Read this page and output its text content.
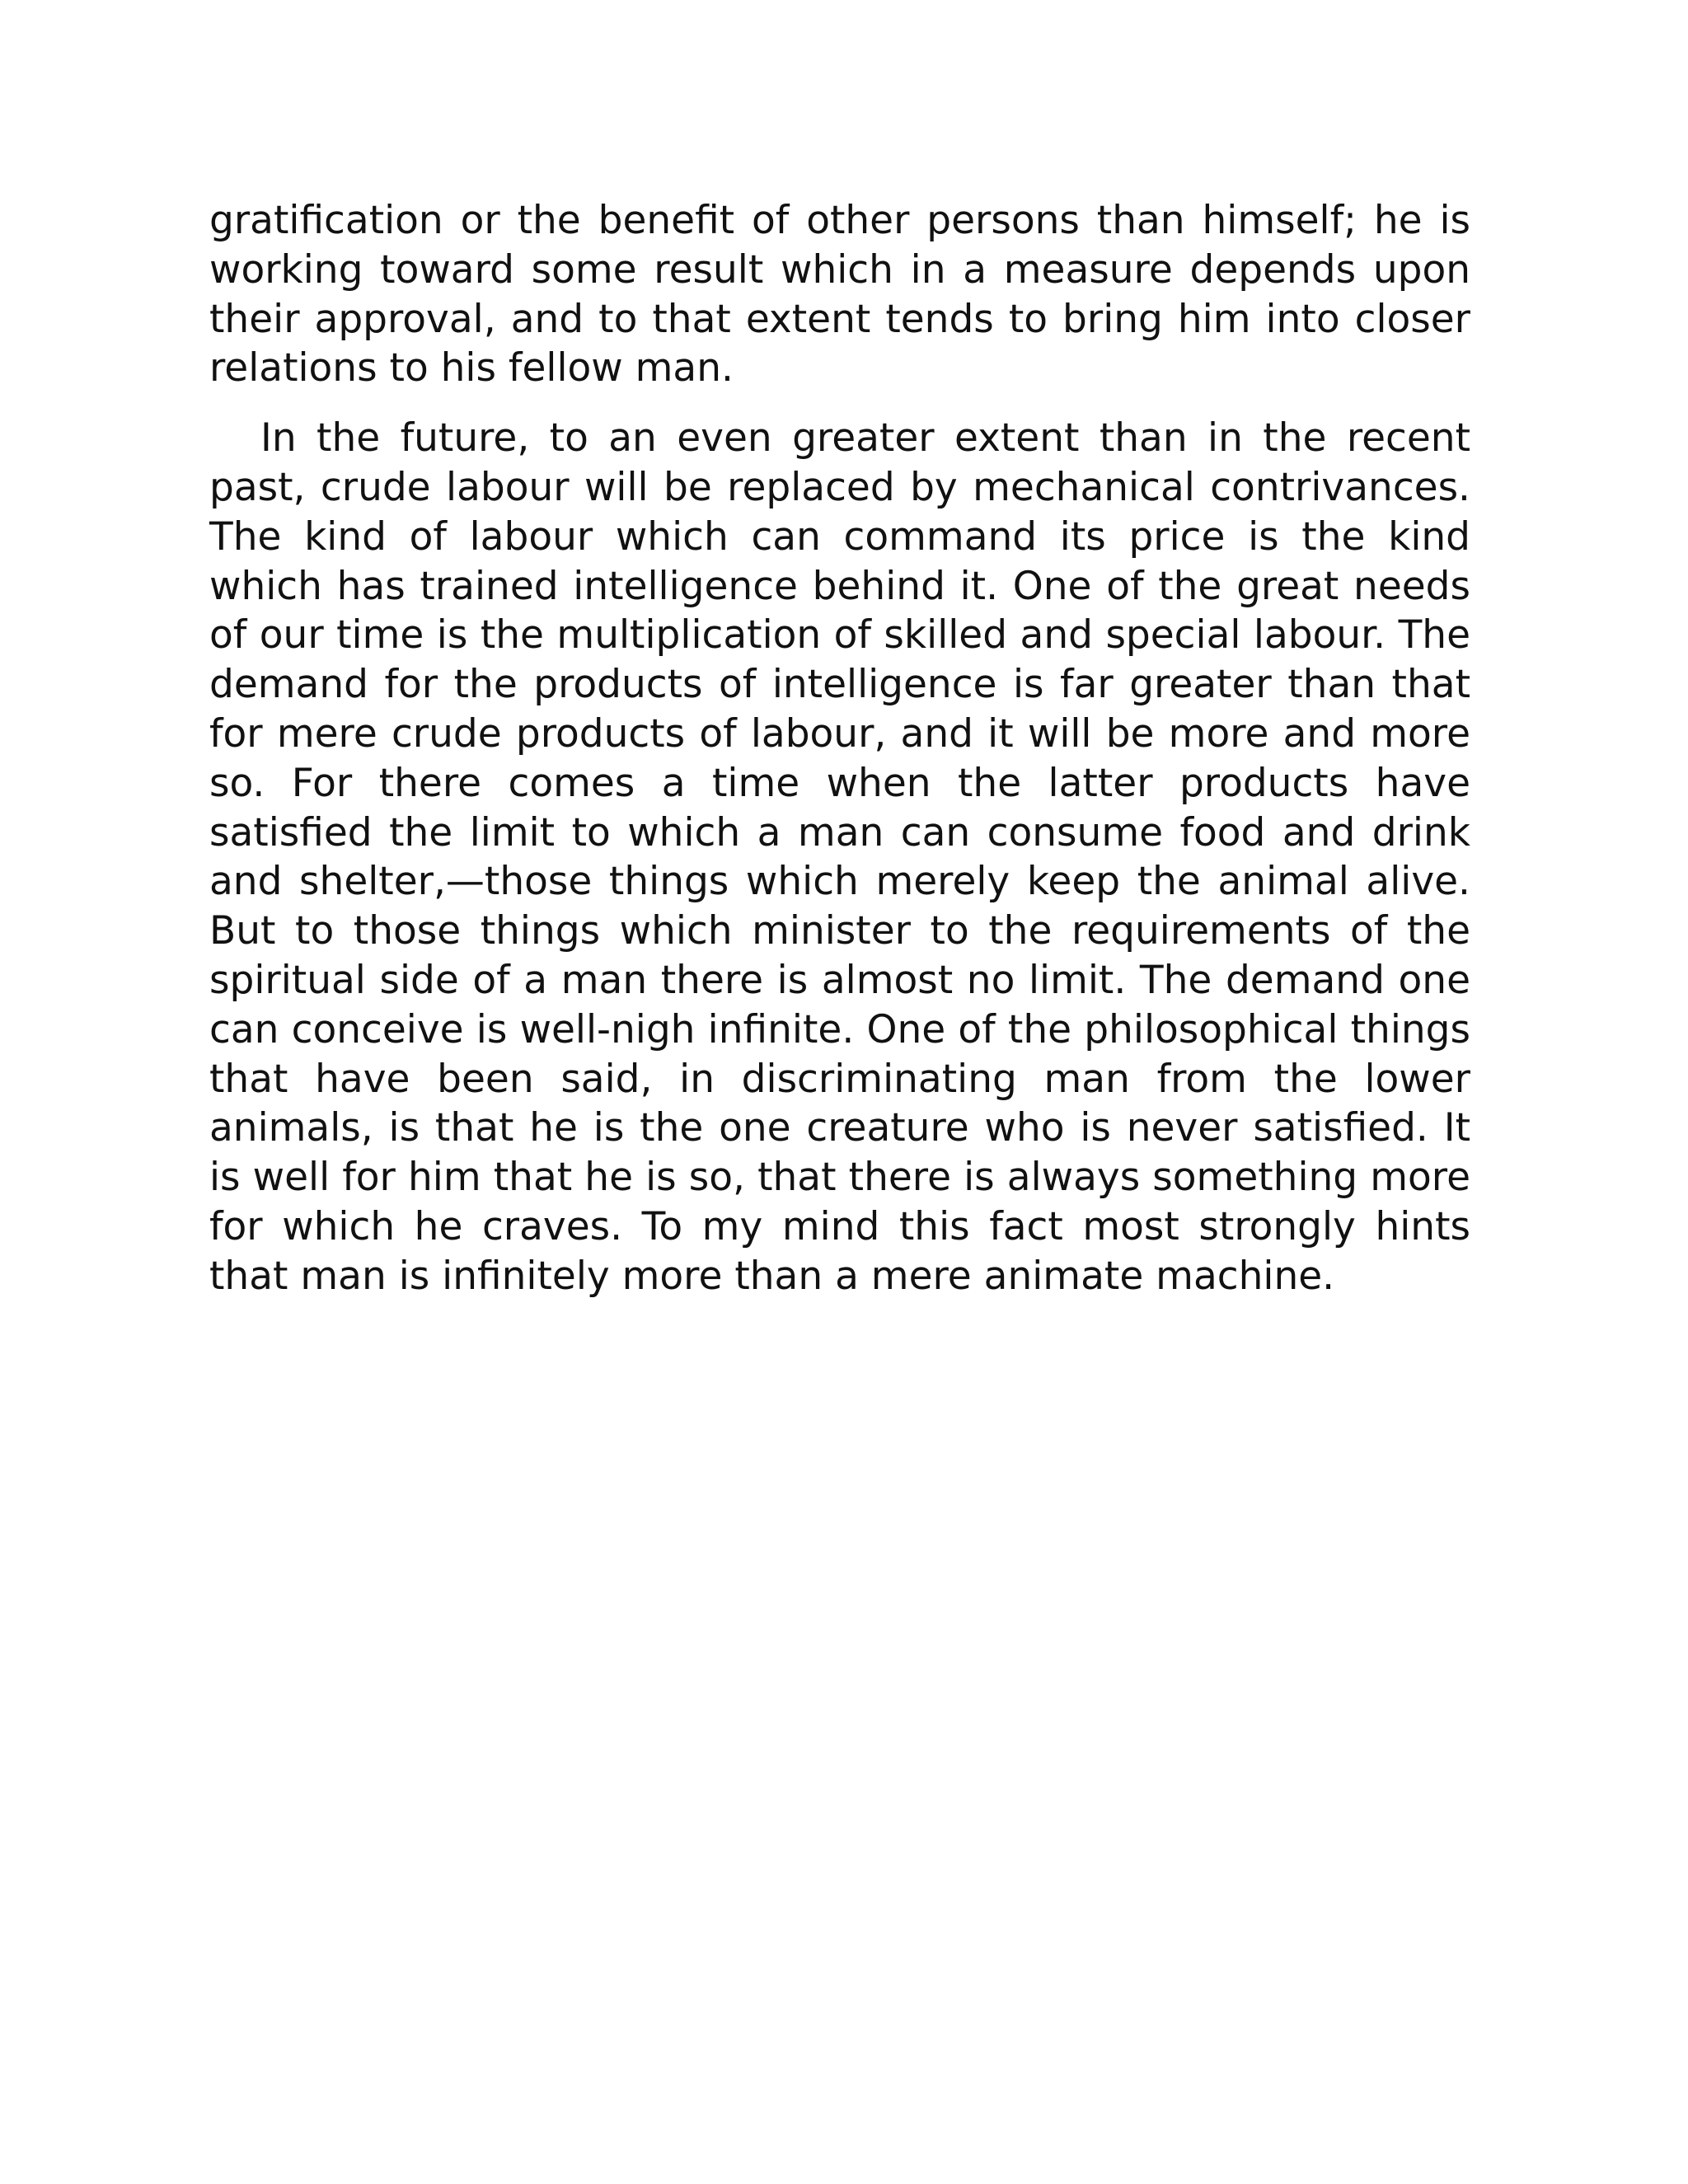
gratification or the benefit of other persons than himself; he is working toward some result which in a measure depends upon their approval, and to that extent tends to bring him into closer relations to his fellow man.

In the future, to an even greater extent than in the recent past, crude labour will be replaced by mechanical contrivances. The kind of labour which can command its price is the kind which has trained intelligence behind it. One of the great needs of our time is the multiplication of skilled and special labour. The demand for the products of intelligence is far greater than that for mere crude products of labour, and it will be more and more so. For there comes a time when the latter products have satisfied the limit to which a man can consume food and drink and shelter,—those things which merely keep the animal alive. But to those things which minister to the requirements of the spiritual side of a man there is almost no limit. The demand one can conceive is well-nigh infinite. One of the philosophical things that have been said, in discriminating man from the lower animals, is that he is the one creature who is never satisfied. It is well for him that he is so, that there is always something more for which he craves. To my mind this fact most strongly hints that man is infinitely more than a mere animate machine.
